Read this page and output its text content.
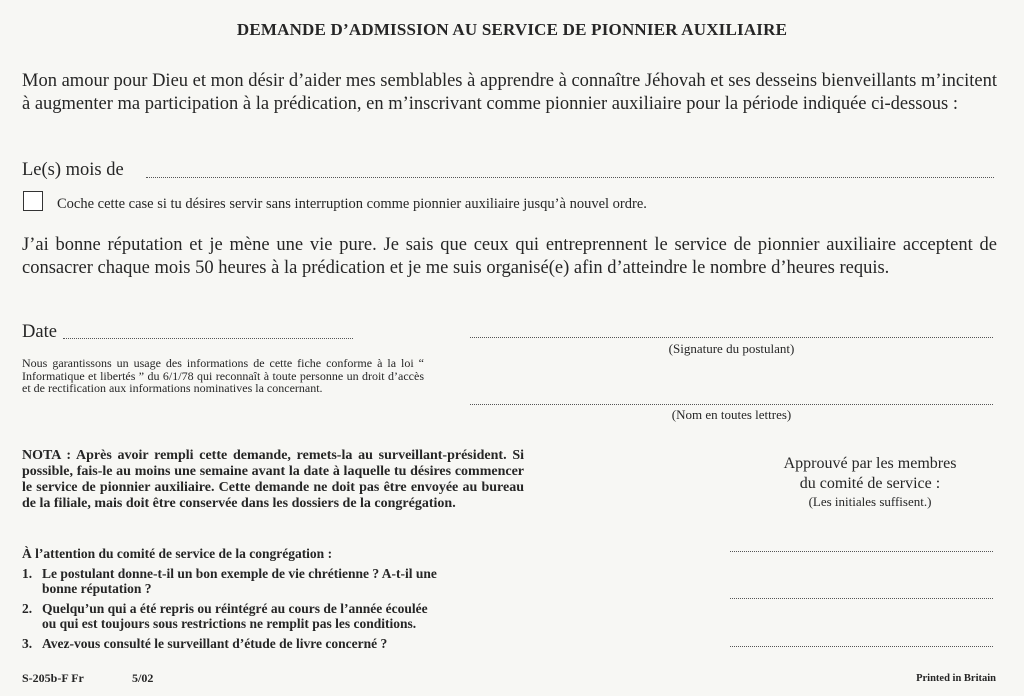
DEMANDE D’ADMISSION AU SERVICE DE PIONNIER AUXILIAIRE
Mon amour pour Dieu et mon désir d’aider mes semblables à apprendre à connaître Jéhovah et ses desseins bienveillants m’incitent à augmenter ma participation à la prédication, en m’inscrivant comme pionnier auxiliaire pour la période indiquée ci-dessous :
Le(s) mois de
Coche cette case si tu désires servir sans interruption comme pionnier auxiliaire jusqu’à nouvel ordre.
J’ai bonne réputation et je mène une vie pure. Je sais que ceux qui entreprennent le service de pionnier auxiliaire acceptent de consacrer chaque mois 50 heures à la prédication et je me suis organisé(e) afin d’atteindre le nombre d’heures requis.
Date
(Signature du postulant)
Nous garantissons un usage des informations de cette fiche conforme à la loi “ Informatique et libertés ” du 6/1/78 qui reconnaît à toute personne un droit d’accès et de rectification aux informations nominatives la concernant.
(Nom en toutes lettres)
NOTA : Après avoir rempli cette demande, remets-la au surveillant-président. Si possible, fais-le au moins une semaine avant la date à laquelle tu désires commencer le service de pionnier auxiliaire. Cette demande ne doit pas être envoyée au bureau de la filiale, mais doit être conservée dans les dossiers de la congrégation.
Approuvé par les membres
du comité de service :
(Les initiales suffisent.)
À l’attention du comité de service de la congrégation :
1. Le postulant donne-t-il un bon exemple de vie chrétienne ? A-t-il une
bonne réputation ?
2. Quelqu’un qui a été repris ou réintégré au cours de l’année écoulée
ou qui est toujours sous restrictions ne remplit pas les conditions.
3. Avez-vous consulté le surveillant d’étude de livre concerné ?
S-205b-F Fr	5/02	Printed in Britain
